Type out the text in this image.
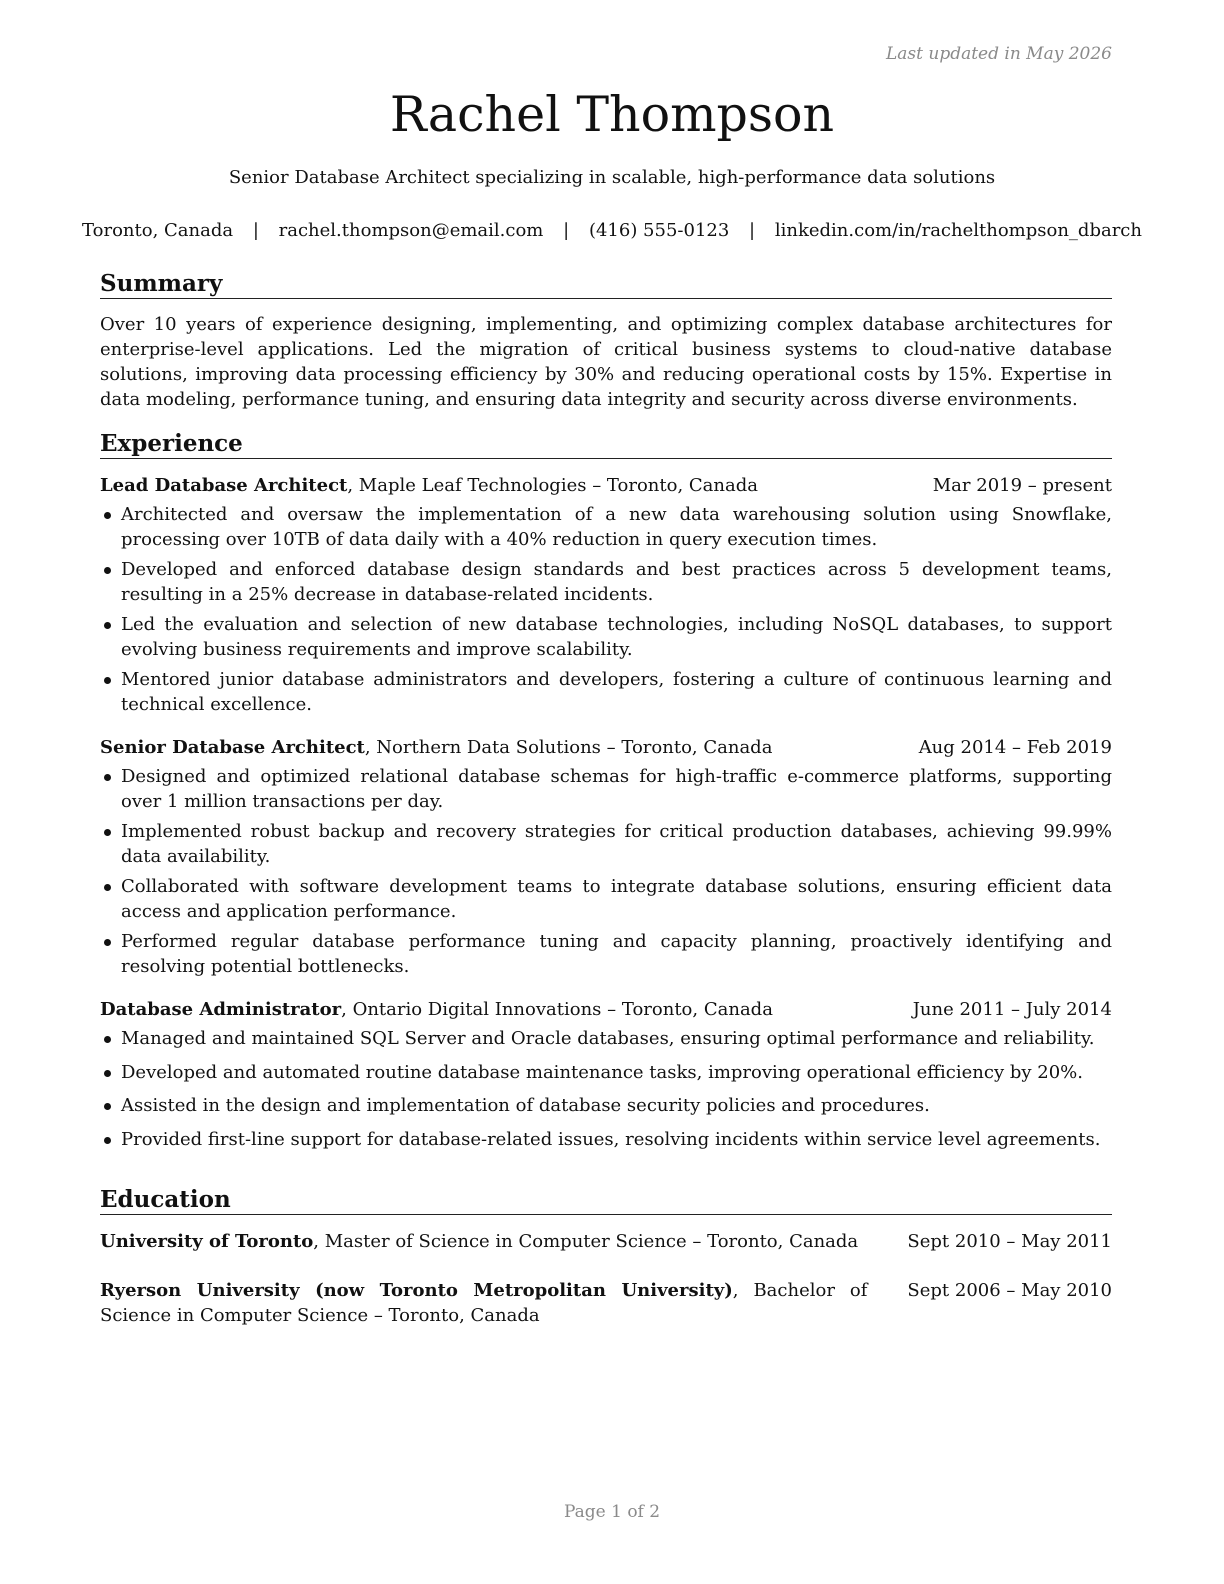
Last updated in May 2026
Rachel Thompson
Senior Database Architect specializing in scalable, high-performance data solutions
Toronto, Canada | rachel.thompson@email.com | (416) 555-0123 | linkedin.com/in/rachelthompson_dbarch
Summary

Over 10 years of experience designing, implementing, and optimizing complex database architectures for enterprise-level applications. Led the migration of critical business systems to cloud-native database solutions, improving data processing efficiency by 30% and reducing operational costs by 15%. Expertise in data modeling, performance tuning, and ensuring data integrity and security across diverse environments.

Experience
Lead Database Architect, Maple Leaf Technologies – Toronto, Canada	Mar 2019 – present
Architected and oversaw the implementation of a new data warehousing solution using Snowflake, processing over 10TB of data daily with a 40% reduction in query execution times.
Developed and enforced database design standards and best practices across 5 development teams, resulting in a 25% decrease in database-related incidents.
Led the evaluation and selection of new database technologies, including NoSQL databases, to support evolving business requirements and improve scalability.
Mentored junior database administrators and developers, fostering a culture of continuous learning and technical excellence.
Senior Database Architect, Northern Data Solutions – Toronto, Canada	Aug 2014 – Feb 2019
Designed and optimized relational database schemas for high-traffic e-commerce platforms, supporting over 1 million transactions per day.
Implemented robust backup and recovery strategies for critical production databases, achieving 99.99% data availability.
Collaborated with software development teams to integrate database solutions, ensuring efficient data access and application performance.
Performed regular database performance tuning and capacity planning, proactively identifying and resolving potential bottlenecks.
Database Administrator, Ontario Digital Innovations – Toronto, Canada	June 2011 – July 2014
Managed and maintained SQL Server and Oracle databases, ensuring optimal performance and reliability.
Developed and automated routine database maintenance tasks, improving operational efficiency by 20%.
Assisted in the design and implementation of database security policies and procedures.
Provided first-line support for database-related issues, resolving incidents within service level agreements.
Education
University of Toronto, Master of Science in Computer Science – Toronto, Canada	Sept 2010 – May 2011
Ryerson University (now Toronto Metropolitan University), Bachelor of Science in Computer Science – Toronto, Canada
Sept 2006 – May 2010
Page 1 of 2
